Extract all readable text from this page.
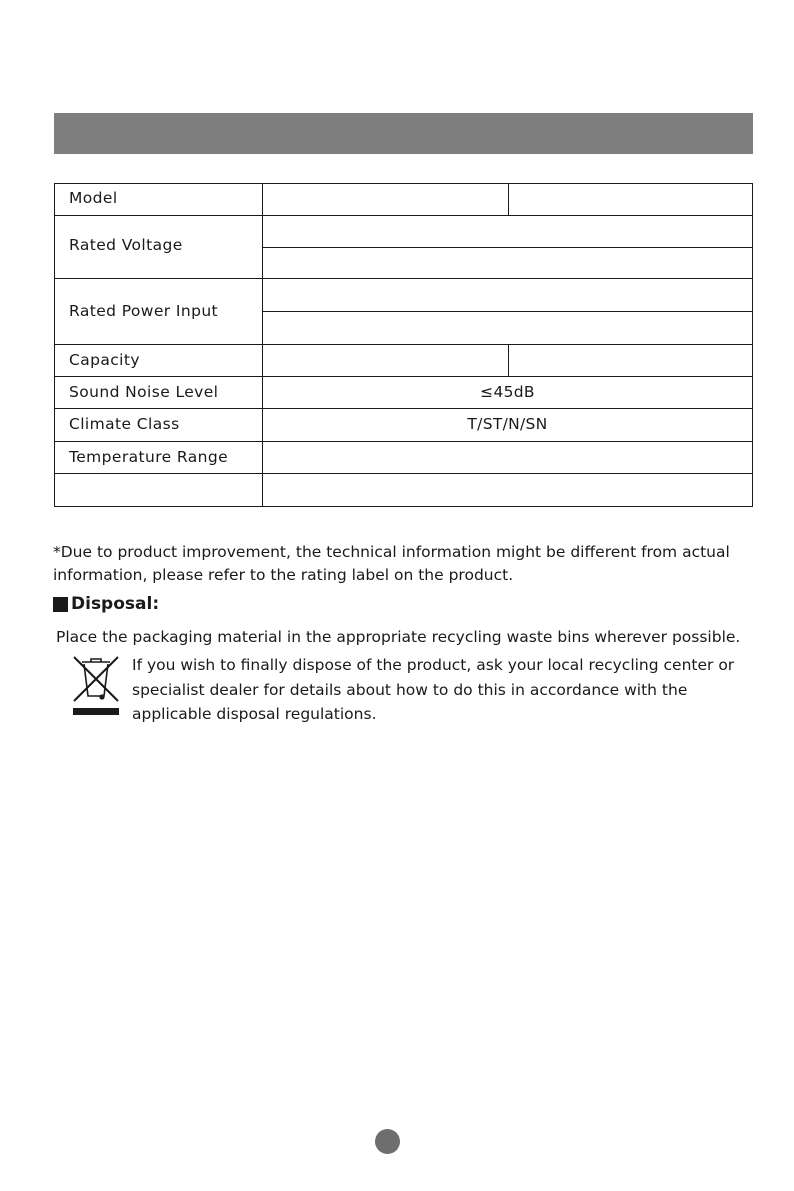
Model
Rated Voltage
Rated Power Input
Capacity
Sound Noise Level	≤45dB
Climate Class	T/ST/N/SN
Temperature Range
*Due to product improvement, the technical information might be different from actual information, please refer to the rating label on the product.
Disposal:
Place the packaging material in the appropriate recycling waste bins wherever possible.
If you wish to finally dispose of the product, ask your local recycling center or specialist dealer for details about how to do this in accordance with the applicable disposal regulations.
